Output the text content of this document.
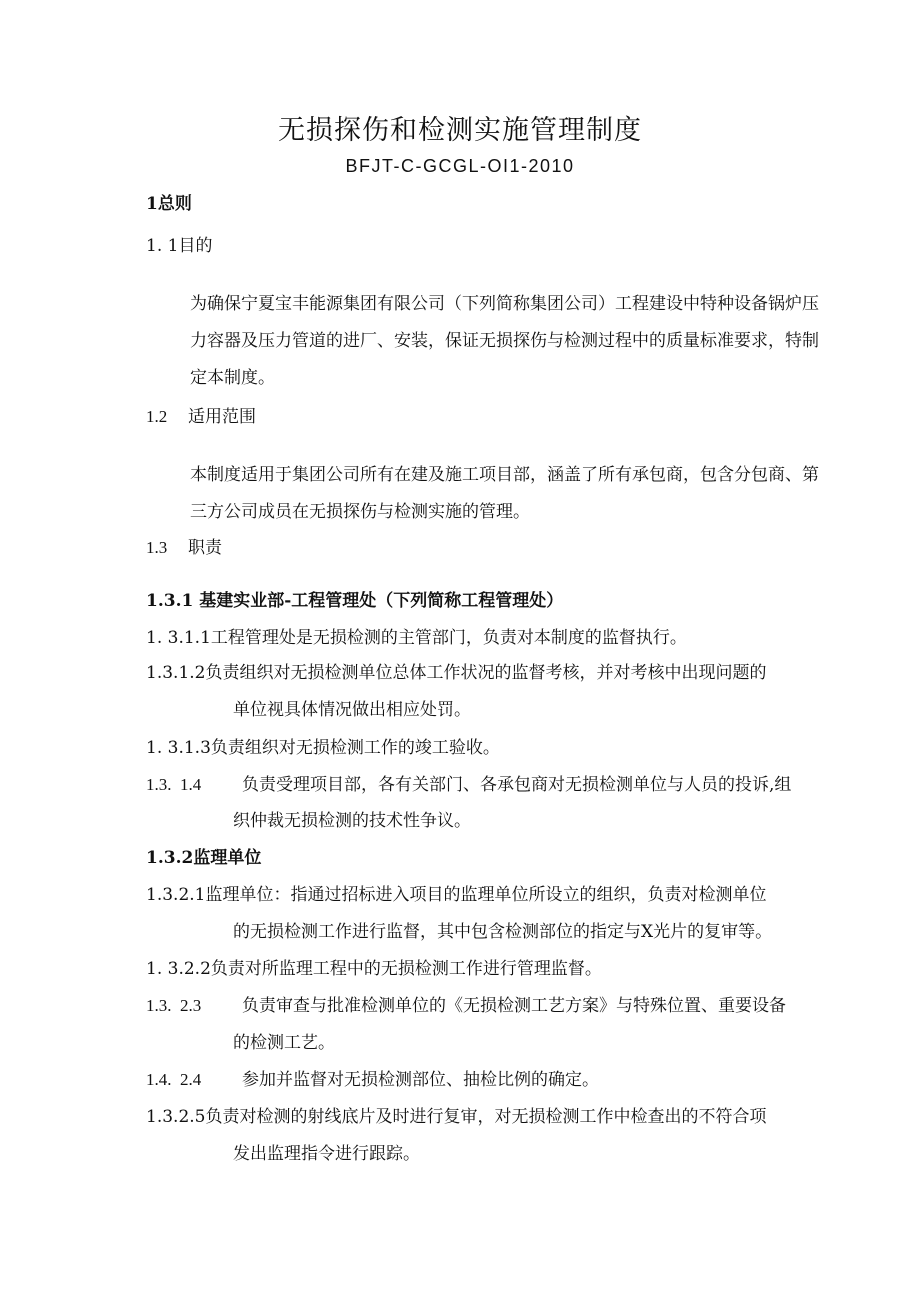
无损探伤和检测实施管理制度
BFJT-C-GCGL-OI1-2010
1总则
1. 1目的
为确保宁夏宝丰能源集团有限公司（下列简称集团公司）工程建设中特种设备锅炉压力容器及压力管道的进厂、安装，保证无损探伤与检测过程中的质量标准要求，特制定本制度。
1.2 适用范围
本制度适用于集团公司所有在建及施工项目部，涵盖了所有承包商，包含分包商、第三方公司成员在无损探伤与检测实施的管理。
1.3 职责
1.3.1 基建实业部-工程管理处（下列简称工程管理处）
1. 3.1.1工程管理处是无损检测的主管部门，负责对本制度的监督执行。
1.3.1.2负责组织对无损检测单位总体工作状况的监督考核，并对考核中出现问题的
单位视具体情况做出相应处罚。
1. 3.1.3负责组织对无损检测工作的竣工验收。
1.3.  1.4 负责受理项目部，各有关部门、各承包商对无损检测单位与人员的投诉,组
织仲裁无损检测的技术性争议。
1.3.2监理单位
1.3.2.1监理单位：指通过招标进入项目的监理单位所设立的组织，负责对检测单位
的无损检测工作进行监督，其中包含检测部位的指定与X光片的复审等。
1. 3.2.2负责对所监理工程中的无损检测工作进行管理监督。
1.3.  2.3 负责审查与批准检测单位的《无损检测工艺方案》与特殊位置、重要设备
的检测工艺。
1.4.  2.4 参加并监督对无损检测部位、抽检比例的确定。
1.3.2.5负责对检测的射线底片及时进行复审，对无损检测工作中检查出的不符合项
发出监理指令进行跟踪。
